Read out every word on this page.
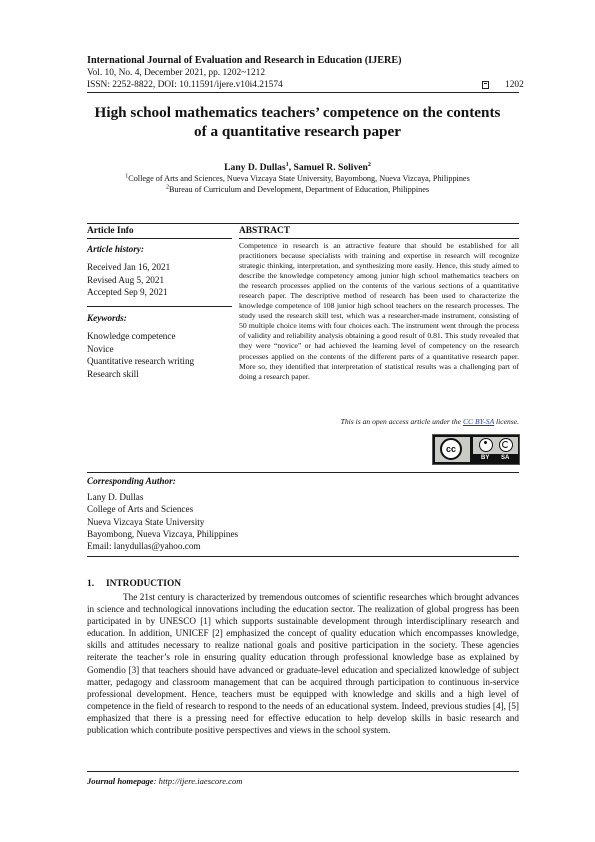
International Journal of Evaluation and Research in Education (IJERE)
Vol. 10, No. 4, December 2021, pp. 1202~1212
ISSN: 2252-8822, DOI: 10.11591/ijere.v10i4.21574	1202
High school mathematics teachers’ competence on the contents
of a quantitative research paper
Lany D. Dullas$^1$, Samuel R. Soliven$^2$
$^1$College of Arts and Sciences, Nueva Vizcaya State University, Bayombong, Nueva Vizcaya, Philippines
$^2$Bureau of Curriculum and Development, Department of Education, Philippines
Article Info	ABSTRACT
Article history:
Received Jan 16, 2021
Revised Aug 5, 2021
Accepted Sep 9, 2021
Keywords:
Knowledge competence
Novice
Quantitative research writing
Research skill
Competence in research is an attractive feature that should be established for all practitioners because specialists with training and expertise in research will recognize strategic thinking, interpretation, and synthesizing more easily. Hence, this study aimed to describe the knowledge competency among junior high school mathematics teachers on the research processes applied on the contents of the various sections of a quantitative research paper. The descriptive method of research has been used to characterize the knowledge competence of 108 junior high school teachers on the research processes. The study used the research skill test, which was a researcher-made instrument, consisting of 50 multiple choice items with four choices each. The instrument went through the process of validity and reliability analysis obtaining a good result of 0.81. This study revealed that they were “novice” or had achieved the learning level of competency on the research processes applied on the contents of the different parts of a quantitative research paper. More so, they identified that interpretation of statistical results was a challenging part of doing a research paper.
This is an open access article under the CC BY-SA license.
cc
BY SA
Corresponding Author:
Lany D. Dullas
College of Arts and Sciences
Nueva Vizcaya State University
Bayombong, Nueva Vizcaya, Philippines
Email: lanydullas@yahoo.com
1. INTRODUCTION
The 21st century is characterized by tremendous outcomes of scientific researches which brought advances in science and technological innovations including the education sector. The realization of global progress has been participated in by UNESCO [1] which supports sustainable development through interdisciplinary research and education. In addition, UNICEF [2] emphasized the concept of quality education which encompasses knowledge, skills and attitudes necessary to realize national goals and positive participation in the society. These agencies reiterate the teacher’s role in ensuring quality education through professional knowledge base as explained by Gomendio [3] that teachers should have advanced or graduate-level education and specialized knowledge of subject matter, pedagogy and classroom management that can be acquired through participation to continuous in-service professional development. Hence, teachers must be equipped with knowledge and skills and a high level of competence in the field of research to respond to the needs of an educational system. Indeed, previous studies [4], [5] emphasized that there is a pressing need for effective education to help develop skills in basic research and publication which contribute positive perspectives and views in the school system.
Journal homepage: http://ijere.iaescore.com
